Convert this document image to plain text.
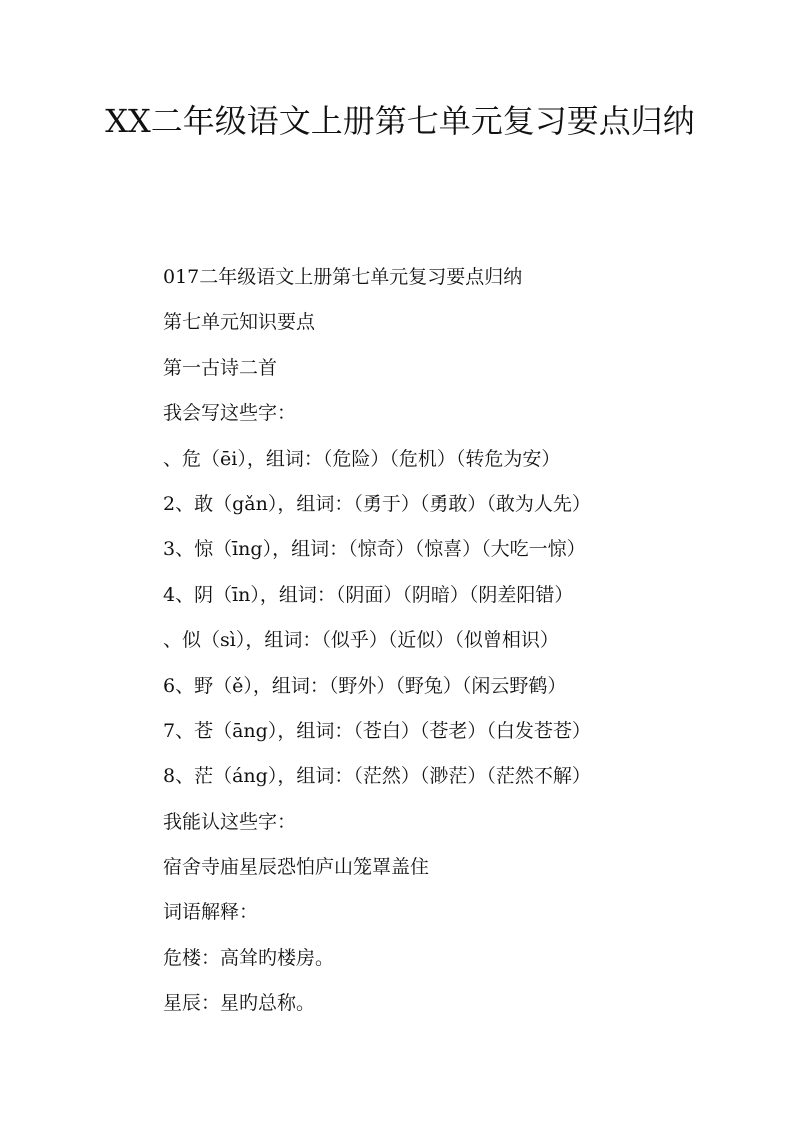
XX二年级语文上册第七单元复习要点归纳
017二年级语文上册第七单元复习要点归纳
第七单元知识要点
第一古诗二首
我会写这些字：
、危（ēi），组词：（危险）（危机）（转危为安）
2、敢（gǎn），组词：（勇于）（勇敢）（敢为人先）
3、惊（īng），组词：（惊奇）（惊喜）（大吃一惊）
4、阴（īn），组词：（阴面）（阴暗）（阴差阳错）
、似（sì），组词：（似乎）（近似）（似曾相识）
6、野（ě），组词：（野外）（野兔）（闲云野鹤）
7、苍（āng），组词：（苍白）（苍老）（白发苍苍）
8、茫（áng），组词：（茫然）（渺茫）（茫然不解）
我能认这些字：
宿舍寺庙星辰恐怕庐山笼罩盖住
词语解释：
危楼：高耸旳楼房。
星辰：星旳总称。
